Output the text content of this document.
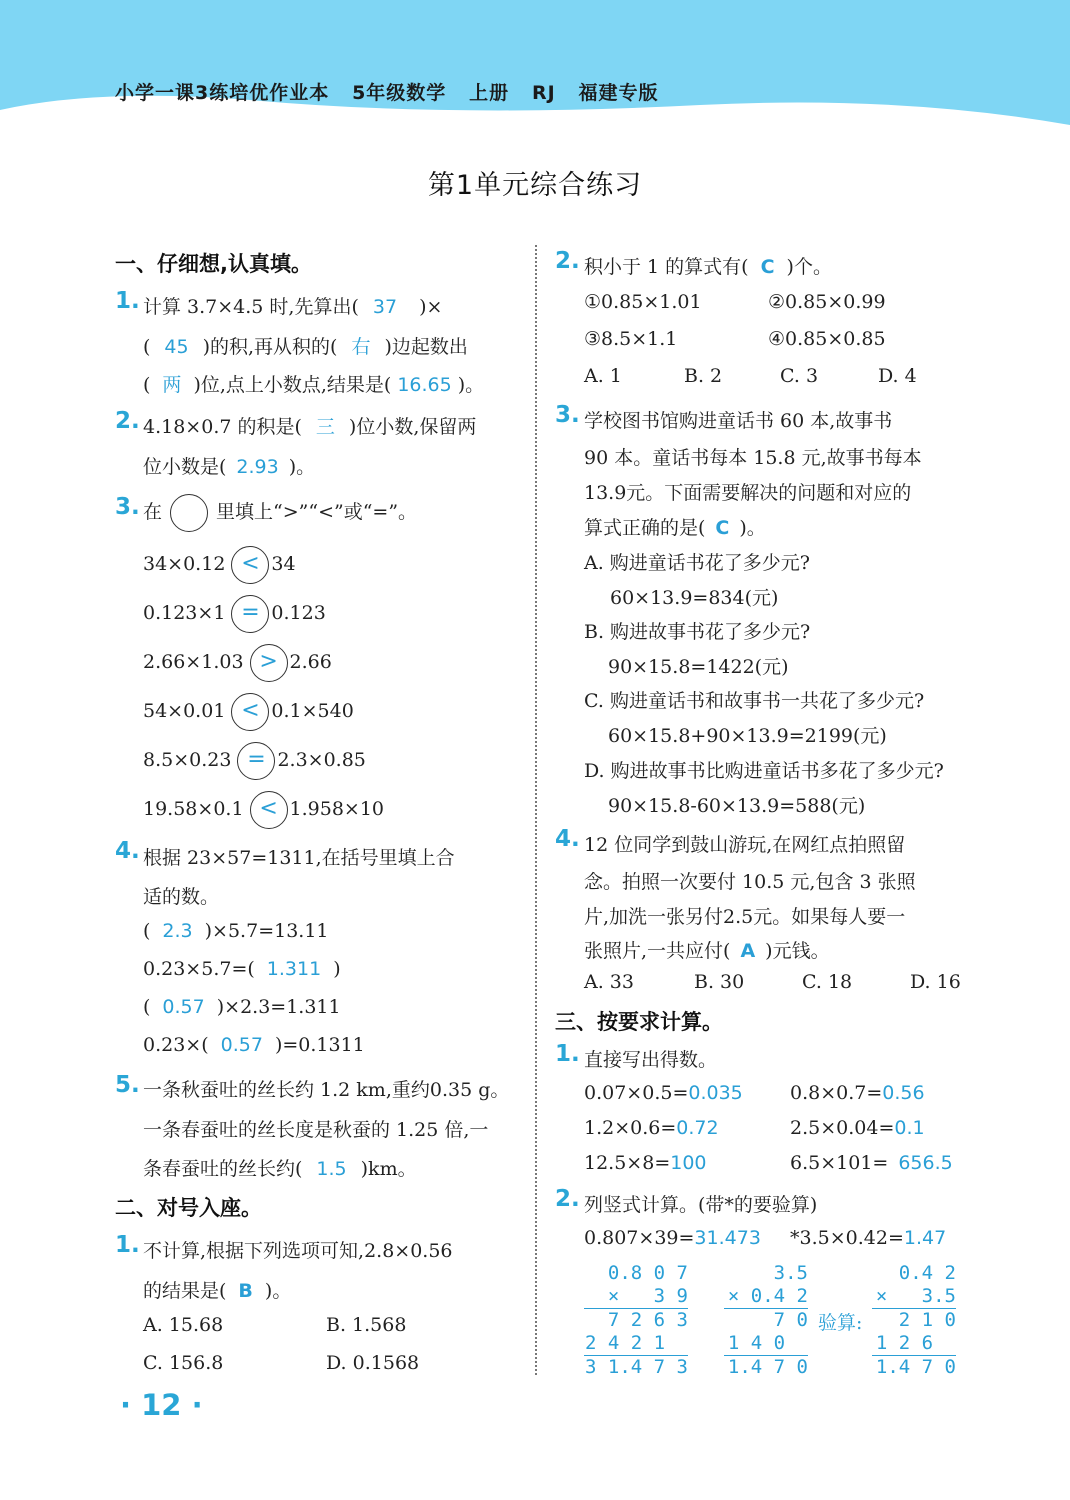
小学一课3练培优作业本   5年级数学   上册   RJ   福建专版
第1单元综合练习
一、仔细想,认真填。
1. 计算 3.7×4.5 时,先算出( 37 )×
( 45 )的积,再从积的( 右 )边起数出
( 两 )位,点上小数点,结果是( 16.65 )。
2. 4.18×0.7 的积是( 三 )位小数,保留两
位小数是( 2.93 )。
3. 在	里填上“>”“<”或“=”。
34×0.12 < 34
0.123×1 = 0.123
2.66×1.03 > 2.66
54×0.01 < 0.1×540
8.5×0.23 = 2.3×0.85
19.58×0.1 < 1.958×10
4. 根据 23×57=1311,在括号里填上合
适的数。
( 2.3 )×5.7=13.11
0.23×5.7=( 1.311 )
( 0.57 )×2.3=1.311
0.23×( 0.57 )=0.1311
5. 一条秋蚕吐的丝长约 1.2 km,重约0.35 g。
一条春蚕吐的丝长度是秋蚕的 1.25 倍,一
条春蚕吐的丝长约( 1.5 )km。
二、对号入座。
1. 不计算,根据下列选项可知,2.8×0.56
的结果是( B )。
A. 15.68	B. 1.568
C. 156.8	D. 0.1568
2. 积小于 1 的算式有( C )个。
①0.85×1.01	②0.85×0.99
③8.5×1.1	④0.85×0.85
A. 1	B. 2	C. 3	D. 4
3. 学校图书馆购进童话书 60 本,故事书
90 本。童话书每本 15.8 元,故事书每本
13.9元。下面需要解决的问题和对应的
算式正确的是( C )。
A. 购进童话书花了多少元?
60×13.9=834(元)
B. 购进故事书花了多少元?
90×15.8=1422(元)
C. 购进童话书和故事书一共花了多少元?
60×15.8+90×13.9=2199(元)
D. 购进故事书比购进童话书多花了多少元?
90×15.8-60×13.9=588(元)
4. 12 位同学到鼓山游玩,在网红点拍照留
念。拍照一次要付 10.5 元,包含 3 张照
片,加洗一张另付2.5元。如果每人要一
张照片,一共应付( A )元钱。
A. 33	B. 30	C. 18	D. 16
三、按要求计算。
1. 直接写出得数。
0.07×0.5=0.035 0.8×0.7=0.56
1.2×0.6=0.72	2.5×0.04=0.1
12.5×8=100	6.5×101= 656.5
2. 列竖式计算。(带*的要验算)
0.807×39=31.473 *3.5×0.42=1.47
0.8 0 7
×   3 9
7 2 6 3
2 4 2 1
3 1.4 7 3
3.5
× 0.4 2
7 0
1 4 0
1.4 7 0
验算:
0.4 2
×   3.5
2 1 0
1 2 6
1.4 7 0
· 12 ·
